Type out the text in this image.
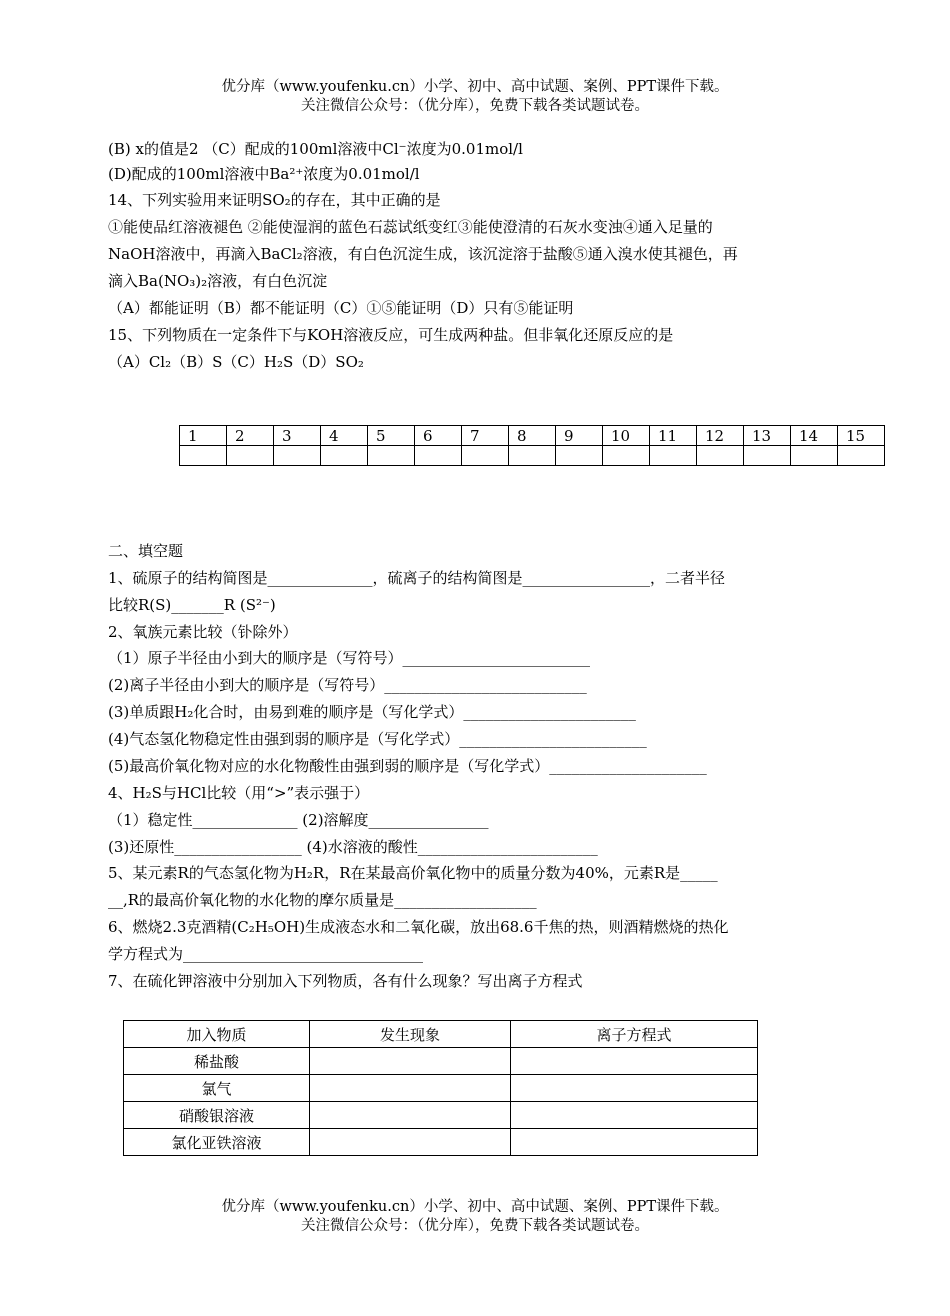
优分库（www.youfenku.cn）小学、初中、高中试题、案例、PPT课件下载。
关注微信公众号：（优分库），免费下载各类试题试卷。
(B) x的值是2 （C）配成的100ml溶液中Cl⁻浓度为0.01mol/l
(D)配成的100ml溶液中Ba²⁺浓度为0.01mol/l
14、下列实验用来证明SO₂的存在，其中正确的是
①能使品红溶液褪色 ②能使湿润的蓝色石蕊试纸变红③能使澄清的石灰水变浊④通入足量的
NaOH溶液中，再滴入BaCl₂溶液，有白色沉淀生成，该沉淀溶于盐酸⑤通入溴水使其褪色，再
滴入Ba(NO₃)₂溶液，有白色沉淀
（A）都能证明（B）都不能证明（C）①⑤能证明（D）只有⑤能证明
15、下列物质在一定条件下与KOH溶液反应，可生成两种盐。但非氧化还原反应的是
（A）Cl₂（B）S（C）H₂S（D）SO₂
1	2	3	4	5	6	7	8	9	10	11	12	13	14	15

二、填空题
1、硫原子的结构简图是______________，硫离子的结构简图是_________________，二者半径
比较R(S)_______R (S²⁻)
2、氧族元素比较（钋除外）
（1）原子半径由小到大的顺序是（写符号）_________________________
(2)离子半径由小到大的顺序是（写符号）___________________________
(3)单质跟H₂化合时，由易到难的顺序是（写化学式）_______________________
(4)气态氢化物稳定性由强到弱的顺序是（写化学式）_________________________
(5)最高价氧化物对应的水化物酸性由强到弱的顺序是（写化学式）_____________________
4、H₂S与HCl比较（用“>”表示强于）
（1）稳定性______________ (2)溶解度________________
(3)还原性_________________ (4)水溶液的酸性________________________
5、某元素R的气态氢化物为H₂R，R在某最高价氧化物中的质量分数为40%，元素R是_____
__,R的最高价氧化物的水化物的摩尔质量是___________________
6、燃烧2.3克酒精(C₂H₅OH)生成液态水和二氧化碳，放出68.6千焦的热，则酒精燃烧的热化
学方程式为________________________________
7、在硫化钾溶液中分别加入下列物质，各有什么现象？写出离子方程式
加入物质	发生现象	离子方程式
稀盐酸		
氯气		
硝酸银溶液		
氯化亚铁溶液		
优分库（www.youfenku.cn）小学、初中、高中试题、案例、PPT课件下载。
关注微信公众号：（优分库），免费下载各类试题试卷。
